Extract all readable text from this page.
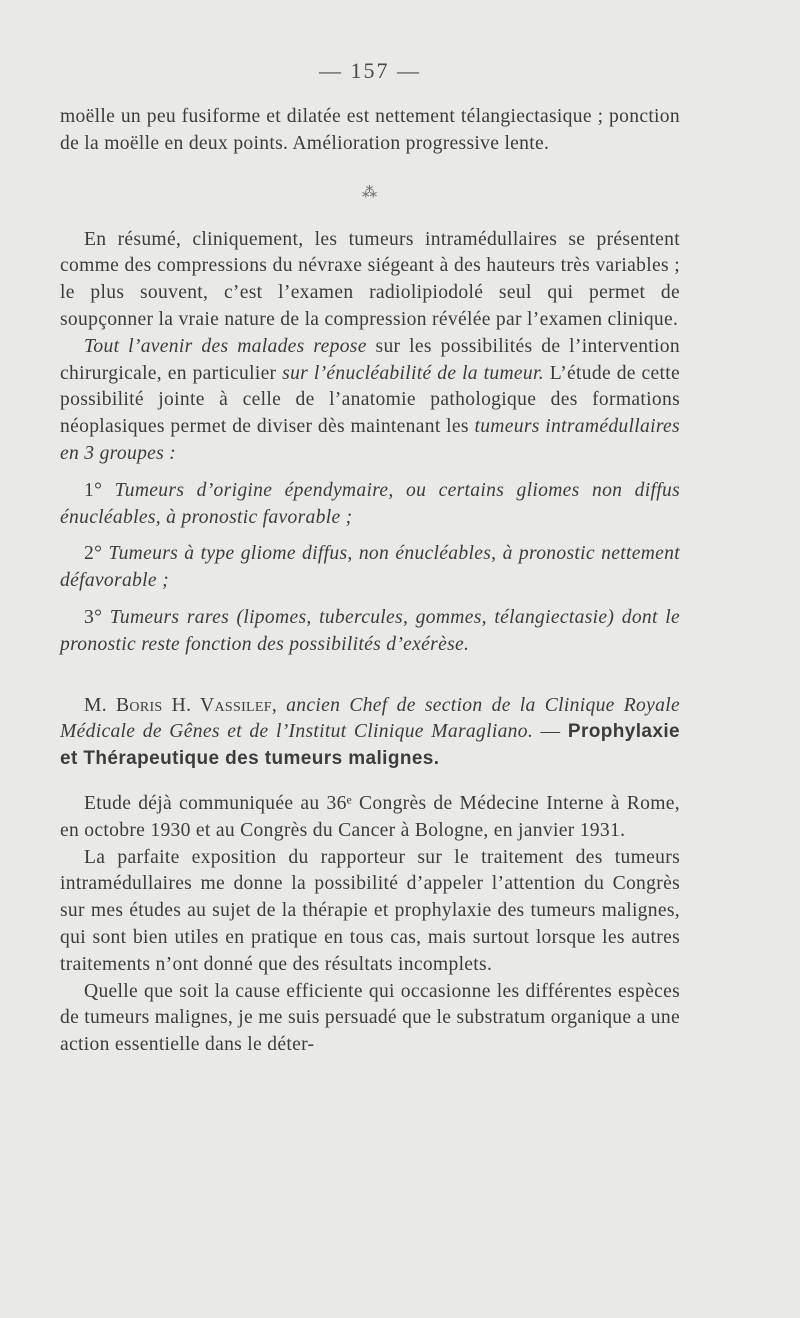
— 157 —

moëlle un peu fusiforme et dilatée est nettement télangiectasique ; ponction de la moëlle en deux points. Amélioration progressive lente.

⁂

En résumé, cliniquement, les tumeurs intramédullaires se présentent comme des compressions du névraxe siégeant à des hauteurs très variables ; le plus souvent, c’est l’examen radiolipiodolé seul qui permet de soupçonner la vraie nature de la compression révélée par l’examen clinique.

Tout l’avenir des malades repose sur les possibilités de l’intervention chirurgicale, en particulier sur l’énucléabilité de la tumeur. L’étude de cette possibilité jointe à celle de l’anatomie pathologique des formations néoplasiques permet de diviser dès maintenant les tumeurs intramédullaires en 3 groupes :

1° Tumeurs d’origine épendymaire, ou certains gliomes non diffus énucléables, à pronostic favorable ;

2° Tumeurs à type gliome diffus, non énucléables, à pronostic nettement défavorable ;

3° Tumeurs rares (lipomes, tubercules, gommes, télangiectasie) dont le pronostic reste fonction des possibilités d’exérèse.

M. Boris H. Vassilef, ancien Chef de section de la Clinique Royale Médicale de Gênes et de l’Institut Clinique Maragliano. — Prophylaxie et Thérapeutique des tumeurs malignes.

Etude déjà communiquée au 36ᵉ Congrès de Médecine Interne à Rome, en octobre 1930 et au Congrès du Cancer à Bologne, en janvier 1931.

La parfaite exposition du rapporteur sur le traitement des tumeurs intramédullaires me donne la possibilité d’appeler l’attention du Congrès sur mes études au sujet de la thérapie et prophylaxie des tumeurs malignes, qui sont bien utiles en pratique en tous cas, mais surtout lorsque les autres traitements n’ont donné que des résultats incomplets.

Quelle que soit la cause efficiente qui occasionne les différentes espèces de tumeurs malignes, je me suis persuadé que le substratum organique a une action essentielle dans le déter-
